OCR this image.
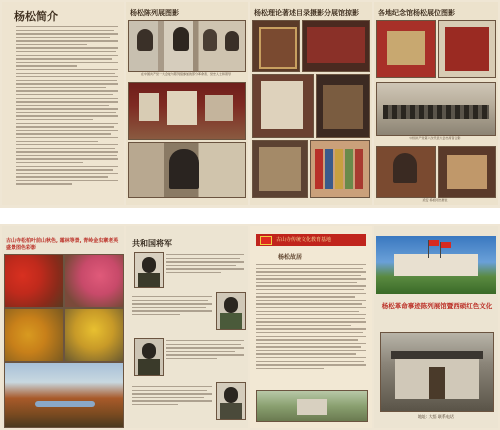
杨松简介	杨松陈列展图影
在中国共产党一大会址与陈列馆参加的部分革命者、党史人士和领导
杨松理论著述目录摄影分展馆掠影	各地纪念馆杨松展位图影
中国共产党第六次代表大会出席者合影
延安 杨松同志展位
古山寺松柏叶前山秋色, 霜林等景, 青岭金虫寨老英盛景图色彩影	共和国将军	古山寺传统文化教育基地
杨松故居
杨松革命事迹陈列展馆暨西硕红色文化
地址: 大悟 联系电话
